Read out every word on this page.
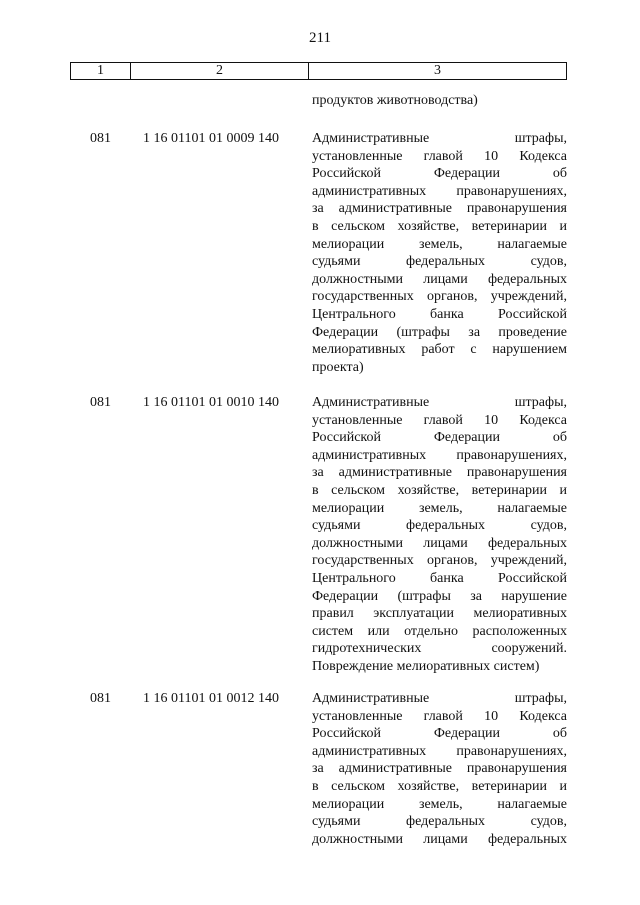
211
1	2	3
продуктов животноводства)
081 1 16 01101 01 0009 140 Административные штрафы,
установленные главой 10 Кодекса
Российской Федерации об
административных правонарушениях,
за административные правонарушения
в сельском хозяйстве, ветеринарии и
мелиорации земель, налагаемые
судьями федеральных судов,
должностными лицами федеральных
государственных органов, учреждений,
Центрального банка Российской
Федерации (штрафы за проведение
мелиоративных работ с нарушением
проекта)
081 1 16 01101 01 0010 140 Административные штрафы,
установленные главой 10 Кодекса
Российской Федерации об
административных правонарушениях,
за административные правонарушения
в сельском хозяйстве, ветеринарии и
мелиорации земель, налагаемые
судьями федеральных судов,
должностными лицами федеральных
государственных органов, учреждений,
Центрального банка Российской
Федерации (штрафы за нарушение
правил эксплуатации мелиоративных
систем или отдельно расположенных
гидротехнических сооружений.
Повреждение мелиоративных систем)
081 1 16 01101 01 0012 140 Административные штрафы,
установленные главой 10 Кодекса
Российской Федерации об
административных правонарушениях,
за административные правонарушения
в сельском хозяйстве, ветеринарии и
мелиорации земель, налагаемые
судьями федеральных судов,
должностными лицами федеральных
